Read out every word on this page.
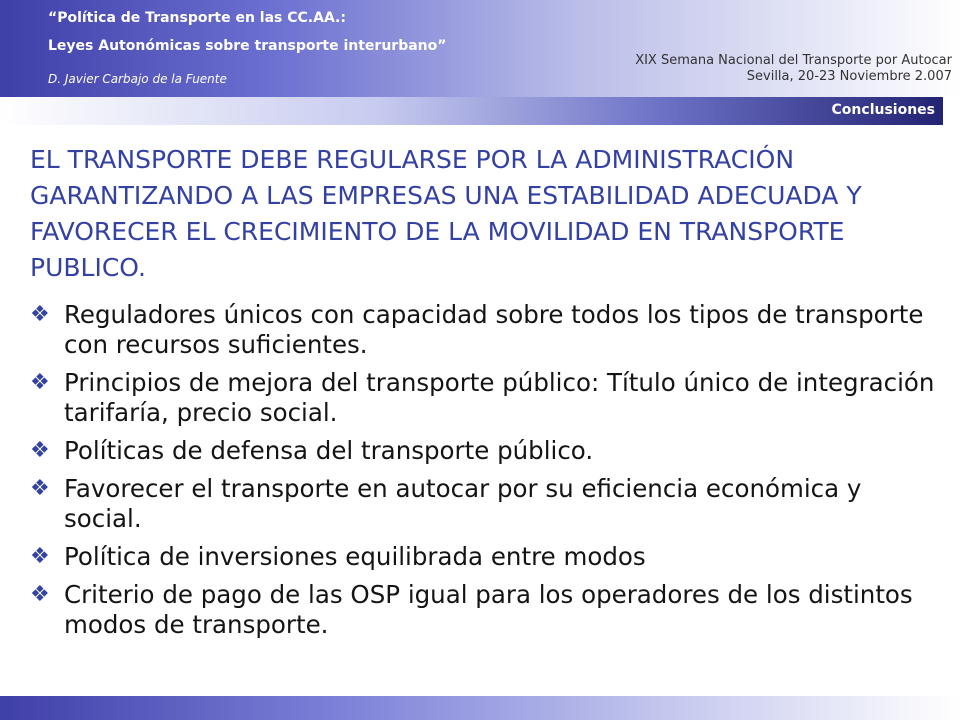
“Política de Transporte en las CC.AA.:
Leyes Autonómicas sobre transporte interurbano”
D. Javier Carbajo de la Fuente
XIX Semana Nacional del Transporte por Autocar
Sevilla, 20-23 Noviembre 2.007
Conclusiones

EL TRANSPORTE DEBE REGULARSE POR LA ADMINISTRACIÓN GARANTIZANDO A LAS EMPRESAS UNA ESTABILIDAD ADECUADA Y FAVORECER EL CRECIMIENTO DE LA MOVILIDAD EN TRANSPORTE PUBLICO.

❖ Reguladores únicos con capacidad sobre todos los tipos de transporte con recursos suficientes.
❖ Principios de mejora del transporte público: Título único de integración tarifaría, precio social.
❖ Políticas de defensa del transporte público.
❖ Favorecer el transporte en autocar por su eficiencia económica y social.
❖ Política de inversiones equilibrada entre modos
❖ Criterio de pago de las OSP igual para los operadores de los distintos modos de transporte.
